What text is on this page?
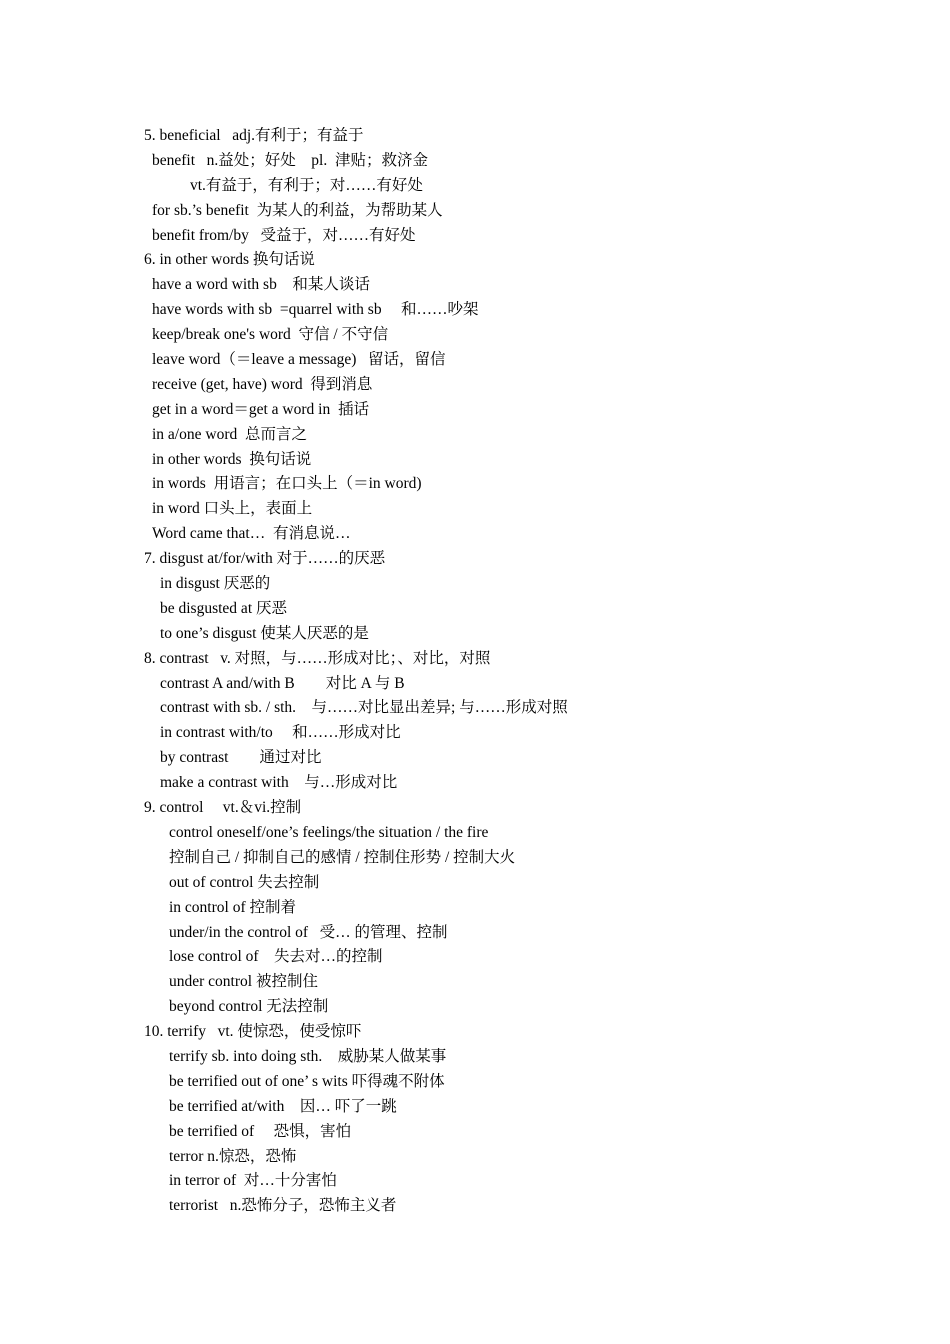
5. beneficial   adj.有利于；有益于
benefit   n.益处；好处    pl.  津贴；救济金
vt.有益于，有利于；对……有好处
for sb.’s benefit  为某人的利益，为帮助某人
benefit from/by   受益于，对……有好处
6. in other words 换句话说
have a word with sb    和某人谈话
have words with sb  =quarrel with sb     和……吵架
keep/break one's word  守信 / 不守信
leave word（＝leave a message)   留话，留信
receive (get, have) word  得到消息
get in a word＝get a word in  插话
in a/one word  总而言之
in other words  换句话说
in words  用语言；在口头上（＝in word)
in word 口头上，表面上
Word came that…  有消息说…
7. disgust at/for/with 对于……的厌恶
in disgust 厌恶的
be disgusted at 厌恶
to one’s disgust 使某人厌恶的是
8. contrast   v. 对照，与……形成对比；、对比，对照
contrast A and/with B        对比 A 与 B
contrast with sb. / sth.    与……对比显出差异; 与……形成对照
in contrast with/to     和……形成对比
by contrast        通过对比
make a contrast with    与…形成对比
9. control     vt.＆vi.控制
control oneself/one’s feelings/the situation / the fire
控制自己 / 抑制自己的感情 / 控制住形势 / 控制大火
out of control 失去控制
in control of 控制着
under/in the control of   受… 的管理、控制
lose control of    失去对…的控制
under control 被控制住
beyond control 无法控制
10. terrify   vt. 使惊恐，使受惊吓
terrify sb. into doing sth.    威胁某人做某事
be terrified out of one’ s wits 吓得魂不附体
be terrified at/with    因… 吓了一跳
be terrified of     恐惧，害怕
terror n.惊恐，恐怖
in terror of  对…十分害怕
terrorist   n.恐怖分子，恐怖主义者
